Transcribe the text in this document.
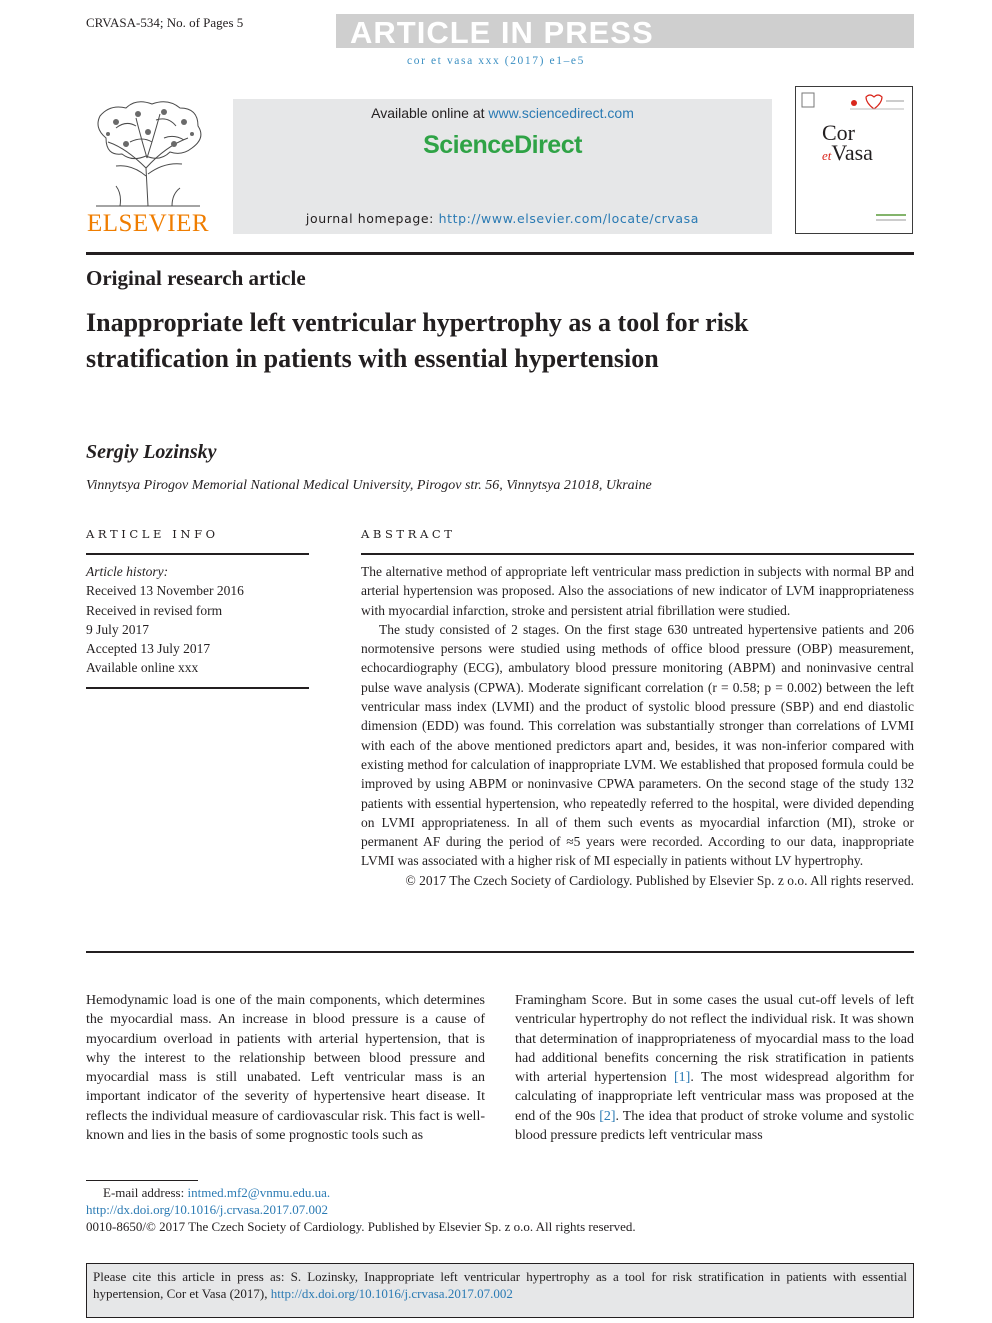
CRVASA-534; No. of Pages 5	ARTICLE IN PRESS
cor et vasa xxx (2017) e1–e5
ELSEVIER
Available online at www.sciencedirect.com
ScienceDirect
journal homepage: http://www.elsevier.com/locate/crvasa
Cor
etVasa
Original research article
Inappropriate left ventricular hypertrophy as a tool for risk stratification in patients with essential hypertension
Sergiy Lozinsky
Vinnytsya Pirogov Memorial National Medical University, Pirogov str. 56, Vinnytsya 21018, Ukraine
ARTICLE INFO
Article history:
Received 13 November 2016
Received in revised form
9 July 2017
Accepted 13 July 2017
Available online xxx
ABSTRACT

The alternative method of appropriate left ventricular mass prediction in subjects with normal BP and arterial hypertension was proposed. Also the associations of new indicator of LVM inappropriateness with myocardial infarction, stroke and persistent atrial fibrillation were studied.

The study consisted of 2 stages. On the first stage 630 untreated hypertensive patients and 206 normotensive persons were studied using methods of office blood pressure (OBP) measurement, echocardiography (ECG), ambulatory blood pressure monitoring (ABPM) and noninvasive central pulse wave analysis (CPWA). Moderate significant correlation (r = 0.58; p = 0.002) between the left ventricular mass index (LVMI) and the product of systolic blood pressure (SBP) and end diastolic dimension (EDD) was found. This correlation was substantially stronger than correlations of LVMI with each of the above mentioned predictors apart and, besides, it was non-inferior compared with existing method for calculation of inappropriate LVM. We established that proposed formula could be improved by using ABPM or noninvasive CPWA parameters. On the second stage of the study 132 patients with essential hypertension, who repeatedly referred to the hospital, were divided depending on LVMI appropriateness. In all of them such events as myocardial infarction (MI), stroke or permanent AF during the period of ≈5 years were recorded. According to our data, inappropriate LVMI was associated with a higher risk of MI especially in patients without LV hypertrophy.

© 2017 The Czech Society of Cardiology. Published by Elsevier Sp. z o.o. All rights reserved.

Hemodynamic load is one of the main components, which determines the myocardial mass. An increase in blood pressure is a cause of myocardium overload in patients with arterial hypertension, that is why the interest to the relationship between blood pressure and myocardial mass is still unabated. Left ventricular mass is an important indicator of the severity of hypertensive heart disease. It reflects the individual measure of cardiovascular risk. This fact is well-known and lies in the basis of some prognostic tools such as
Framingham Score. But in some cases the usual cut-off levels of left ventricular hypertrophy do not reflect the individual risk. It was shown that determination of inappropriateness of myocardial mass to the load had additional benefits concerning the risk stratification in patients with arterial hypertension [1]. The most widespread algorithm for calculating of inappropriate left ventricular mass was proposed at the end of the 90s [2]. The idea that product of stroke volume and systolic blood pressure predicts left ventricular mass
E-mail address: intmed.mf2@vnmu.edu.ua.
http://dx.doi.org/10.1016/j.crvasa.2017.07.002
0010-8650/© 2017 The Czech Society of Cardiology. Published by Elsevier Sp. z o.o. All rights reserved.
Please cite this article in press as: S. Lozinsky, Inappropriate left ventricular hypertrophy as a tool for risk stratification in patients with essential hypertension, Cor et Vasa (2017), http://dx.doi.org/10.1016/j.crvasa.2017.07.002
